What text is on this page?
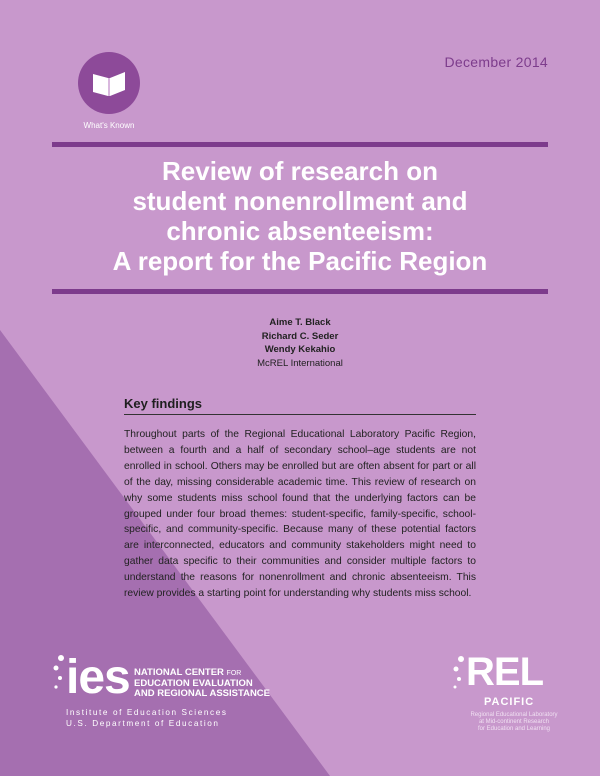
What's Known
December 2014
Review of research on
student nonenrollment and
chronic absenteeism:
A report for the Pacific Region
Aime T. Black
Richard C. Seder
Wendy Kekahio
McREL International
Key findings
Throughout parts of the Regional Educational Laboratory Pacific Region, between a fourth and a half of secondary school–age students are not enrolled in school. Others may be enrolled but are often absent for part or all of the day, missing considerable academic time. This review of research on why some students miss school found that the underlying factors can be grouped under four broad themes: student-specific, family-specific, school-specific, and community-specific. Because many of these potential factors are interconnected, educators and community stakeholders might need to gather data specific to their communities and consider multiple factors to understand the reasons for nonenrollment and chronic absenteeism. This review provides a starting point for understanding why students miss school.
ies NATIONAL CENTER FOR
EDUCATION EVALUATION
AND REGIONAL ASSISTANCE
Institute of Education Sciences
U.S. Department of Education
REL
PACIFIC
Regional Educational Laboratory
at Mid-continent Research
for Education and Learning
